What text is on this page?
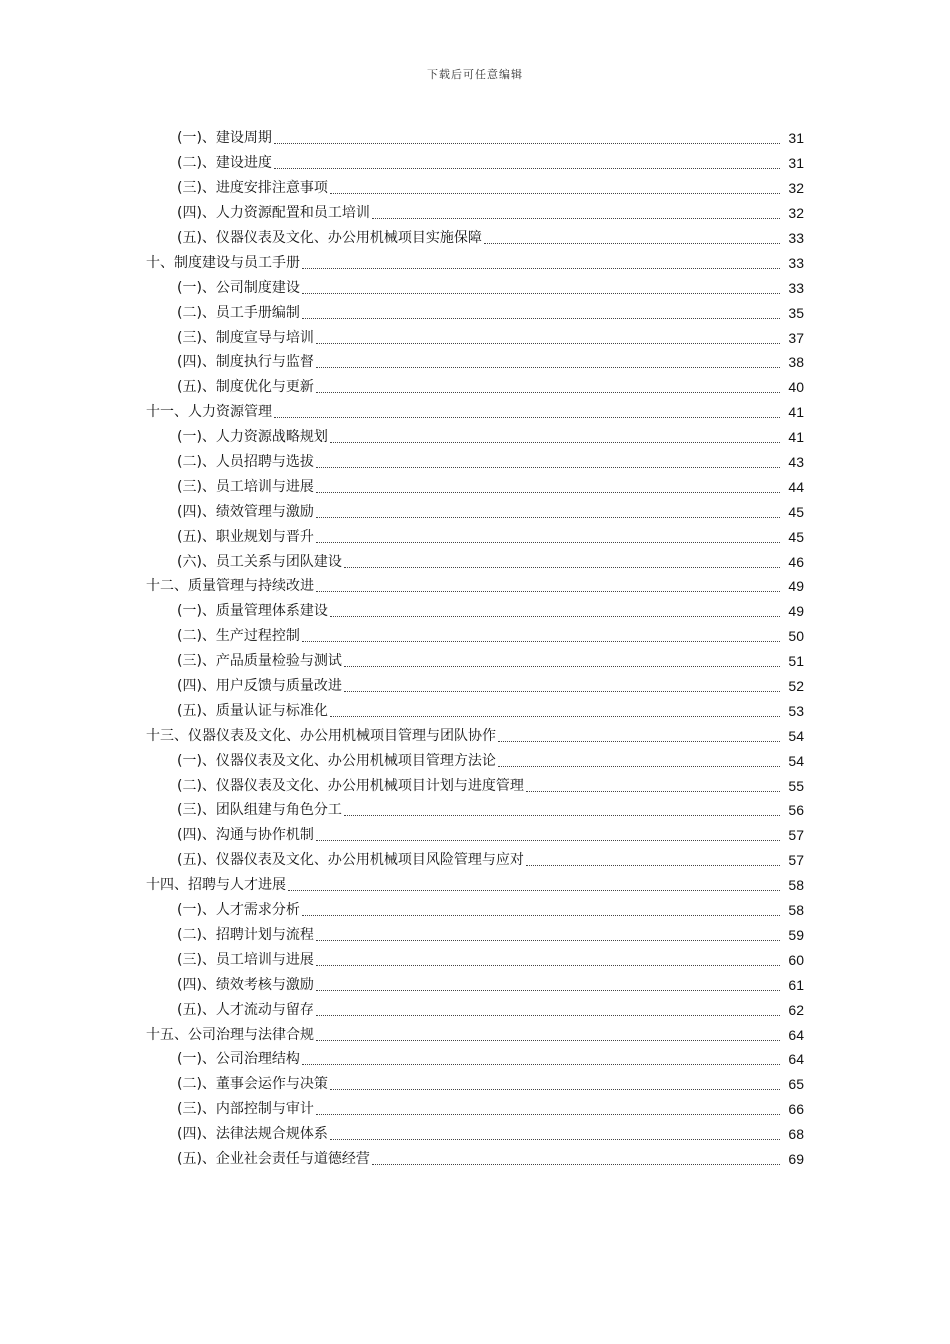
下载后可任意编辑
(一)、建设周期	31
(二)、建设进度	31
(三)、进度安排注意事项	32
(四)、人力资源配置和员工培训	32
(五)、仪器仪表及文化、办公用机械项目实施保障	33
十、制度建设与员工手册	33
(一)、公司制度建设	33
(二)、员工手册编制	35
(三)、制度宣导与培训	37
(四)、制度执行与监督	38
(五)、制度优化与更新	40
十一、人力资源管理	41
(一)、人力资源战略规划	41
(二)、人员招聘与选拔	43
(三)、员工培训与进展	44
(四)、绩效管理与激励	45
(五)、职业规划与晋升	45
(六)、员工关系与团队建设	46
十二、质量管理与持续改进	49
(一)、质量管理体系建设	49
(二)、生产过程控制	50
(三)、产品质量检验与测试	51
(四)、用户反馈与质量改进	52
(五)、质量认证与标准化	53
十三、仪器仪表及文化、办公用机械项目管理与团队协作	54
(一)、仪器仪表及文化、办公用机械项目管理方法论	54
(二)、仪器仪表及文化、办公用机械项目计划与进度管理	55
(三)、团队组建与角色分工	56
(四)、沟通与协作机制	57
(五)、仪器仪表及文化、办公用机械项目风险管理与应对	57
十四、招聘与人才进展	58
(一)、人才需求分析	58
(二)、招聘计划与流程	59
(三)、员工培训与进展	60
(四)、绩效考核与激励	61
(五)、人才流动与留存	62
十五、公司治理与法律合规	64
(一)、公司治理结构	64
(二)、董事会运作与决策	65
(三)、内部控制与审计	66
(四)、法律法规合规体系	68
(五)、企业社会责任与道德经营	69
